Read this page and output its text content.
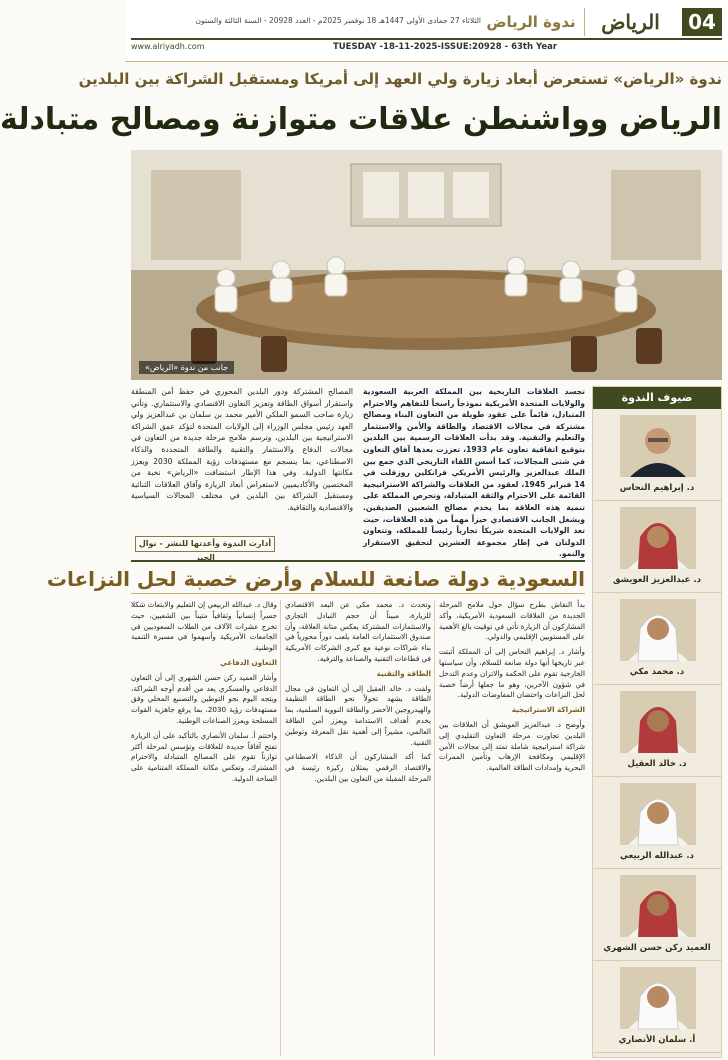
04
الرياض
ندوة الرياض
الثلاثاء 27 جمادى الأولى 1447هـ 18 نوفمبر 2025م - العدد 20928 - السنة الثالثة والستون
www.alriyadh.com	TUESDAY -18-11-2025-ISSUE:20928 - 63th Year
ندوة «الرياض» تستعرض أبعاد زيارة ولي العهد إلى أمريكا ومستقبل الشراكة بين البلدين
الرياض وواشنطن علاقات متوازنة ومصالح متبادلة
جانب من ندوة «الرياض»

تجسد العلاقات التاريخية بين المملكة العربية السعودية والولايات المتحدة الأمريكية نموذجاً راسخاً للتفاهم والاحترام المتبادل، قائماً على عقود طويلة من التعاون البناء ومصالح مشتركة في مجالات الاقتصاد والطاقة والأمن والاستثمار والتعليم والتقنية. وقد بدأت العلاقات الرسمية بين البلدين بتوقيع اتفاقية تعاون عام 1933، تعززت بعدها آفاق التعاون في شتى المجالات، كما أسس اللقاء التاريخي الذي جمع بين الملك عبدالعزيز والرئيس الأمريكي فرانكلين روزفلت في 14 فبراير 1945، لعقود من العلاقات والشراكة الاستراتيجية القائمة على الاحترام والثقة المتبادلة، وتحرص المملكة على تنمية هذه العلاقة بما يخدم مصالح الشعبين الصديقين. ويشغل الجانب الاقتصادي حيزاً مهماً من هذه العلاقات، حيث تعد الولايات المتحدة شريكاً تجارياً رئيساً للمملكة، وتتعاون الدولتان في إطار مجموعة العشرين لتحقيق الاستقرار والنمو.

المصالح المشتركة ودور البلدين المحوري في حفظ أمن المنطقة واستقرار أسواق الطاقة وتعزيز التعاون الاقتصادي والاستثماري. وتأتي زيارة صاحب السمو الملكي الأمير محمد بن سلمان بن عبدالعزيز ولي العهد رئيس مجلس الوزراء إلى الولايات المتحدة لتؤكد عمق الشراكة الاستراتيجية بين البلدين، وترسم ملامح مرحلة جديدة من التعاون في مجالات الدفاع والاستثمار والتقنية والطاقة المتجددة والذكاء الاصطناعي، بما ينسجم مع مستهدفات رؤية المملكة 2030 ويعزز مكانتها الدولية. وفي هذا الإطار استضافت «الرياض» نخبة من المختصين والأكاديميين لاستعراض أبعاد الزيارة وآفاق العلاقات الثنائية ومستقبل الشراكة بين البلدين في مختلف المجالات السياسية والاقتصادية والثقافية.

أدارت الندوة وأعدتها للنشر - نوال الجبر
ضيوف الندوة
د. إبراهيم النحاس
د. عبدالعزيز العويشق
د. محمد مكي
د. خالد العقيل
د. عبدالله الربيعي
العميد ركن حسن الشهري
أ. سلمان الأنصاري
السعودية دولة صانعة للسلام وأرض خصبة لحل النزاعات

بدأ النقاش بطرح سؤال حول ملامح المرحلة الجديدة من العلاقات السعودية الأمريكية، وأكد المشاركون أن الزيارة تأتي في توقيت بالغ الأهمية على المستويين الإقليمي والدولي.

وأشار د. إبراهيم النحاس إلى أن المملكة أثبتت عبر تاريخها أنها دولة صانعة للسلام، وأن سياستها الخارجية تقوم على الحكمة والاتزان وعدم التدخل في شؤون الآخرين، وهو ما جعلها أرضاً خصبة لحل النزاعات واحتضان المفاوضات الدولية.

الشراكة الاستراتيجية

وأوضح د. عبدالعزيز العويشق أن العلاقات بين البلدين تجاوزت مرحلة التعاون التقليدي إلى شراكة استراتيجية شاملة تمتد إلى مجالات الأمن الإقليمي ومكافحة الإرهاب وتأمين الممرات البحرية وإمدادات الطاقة العالمية.

وتحدث د. محمد مكي عن البعد الاقتصادي للزيارة، مبيناً أن حجم التبادل التجاري والاستثمارات المشتركة يعكس متانة العلاقة، وأن صندوق الاستثمارات العامة يلعب دوراً محورياً في بناء شراكات نوعية مع كبرى الشركات الأمريكية في قطاعات التقنية والصناعة والترفيه.

الطاقة والتقنية

ولفت د. خالد العقيل إلى أن التعاون في مجال الطاقة يشهد تحولاً نحو الطاقة النظيفة والهيدروجين الأخضر والطاقة النووية السلمية، بما يخدم أهداف الاستدامة ويعزز أمن الطاقة العالمي، مشيراً إلى أهمية نقل المعرفة وتوطين التقنية.

كما أكد المشاركون أن الذكاء الاصطناعي والاقتصاد الرقمي يمثلان ركيزة رئيسة في المرحلة المقبلة من التعاون بين البلدين.

وقال د. عبدالله الربيعي إن التعليم والابتعاث شكلا جسراً إنسانياً وثقافياً متيناً بين الشعبين، حيث تخرج عشرات الآلاف من الطلاب السعوديين في الجامعات الأمريكية وأسهموا في مسيرة التنمية الوطنية.

التعاون الدفاعي

وأشار العميد ركن حسن الشهري إلى أن التعاون الدفاعي والعسكري يعد من أقدم أوجه الشراكة، ويتجه اليوم نحو التوطين والتصنيع المحلي وفق مستهدفات رؤية 2030، بما يرفع جاهزية القوات المسلحة ويعزز الصناعات الوطنية.

واختتم أ. سلمان الأنصاري بالتأكيد على أن الزيارة تفتح آفاقاً جديدة للعلاقات وتؤسس لمرحلة أكثر توازناً تقوم على المصالح المتبادلة والاحترام المشترك، وتعكس مكانة المملكة المتنامية على الساحة الدولية.
